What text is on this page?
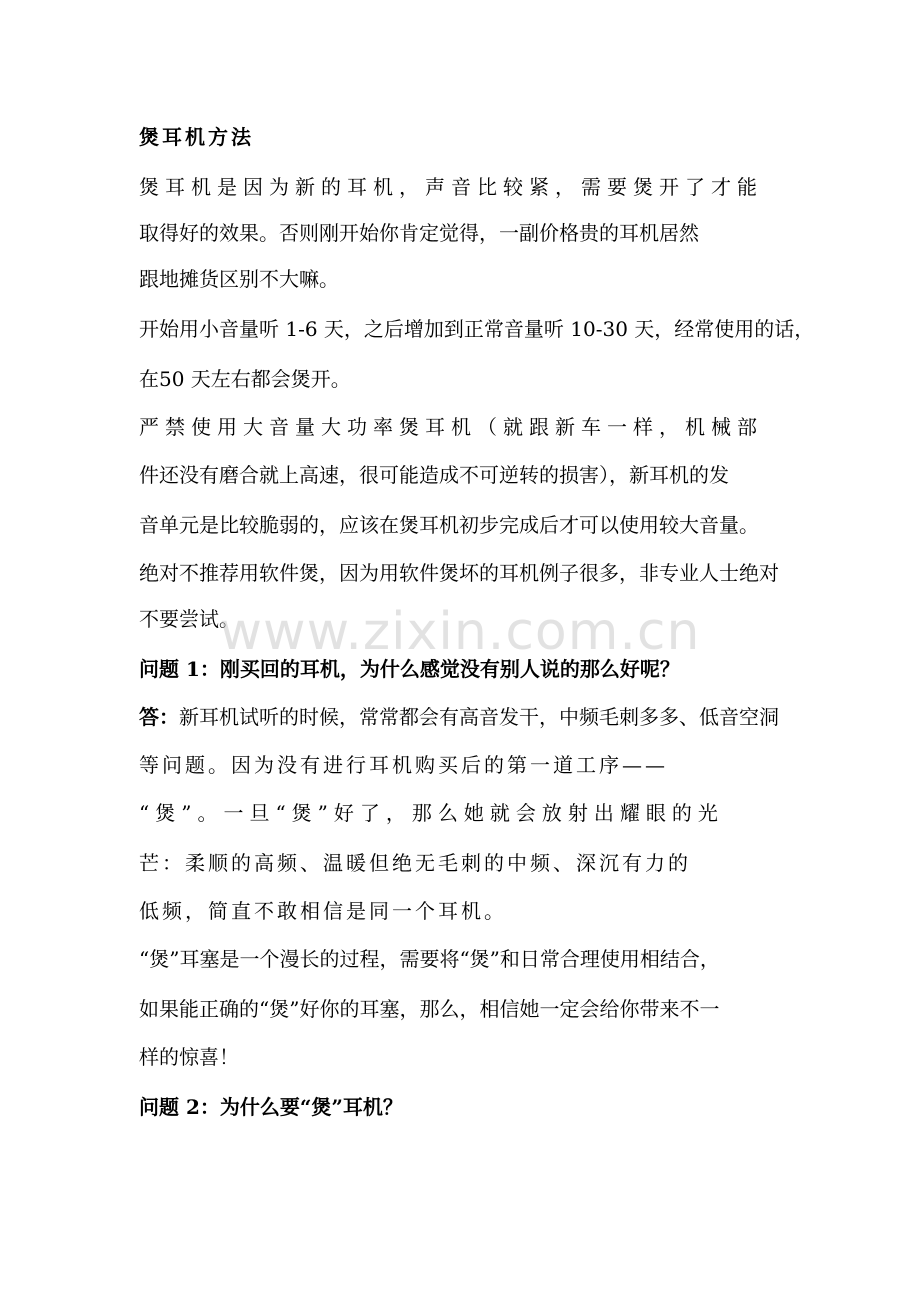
煲耳机方法
煲耳机是因为新的耳机，声音比较紧，需要煲开了才能
取得好的效果。否则刚开始你肯定觉得，一副价格贵的耳机居然
跟地摊货区别不大嘛。
开始用小音量听 1-6 天，之后增加到正常音量听 10-30 天，经常使用的话，
在50 天左右都会煲开。
严禁使用大音量大功率煲耳机（就跟新车一样，机械部
件还没有磨合就上高速，很可能造成不可逆转的损害），新耳机的发
音单元是比较脆弱的，应该在煲耳机初步完成后才可以使用较大音量。
绝对不推荐用软件煲，因为用软件煲坏的耳机例子很多，非专业人士绝对
不要尝试。
问题 1：刚买回的耳机，为什么感觉没有别人说的那么好呢？
答：新耳机试听的时候，常常都会有高音发干，中频毛刺多多、低音空洞
等问题。因为没有进行耳机购买后的第一道工序——
“煲”。一旦“煲”好了，那么她就会放射出耀眼的光
芒：柔顺的高频、温暖但绝无毛刺的中频、深沉有力的
低频，简直不敢相信是同一个耳机。
“煲”耳塞是一个漫长的过程，需要将“煲”和日常合理使用相结合，
如果能正确的“煲”好你的耳塞，那么，相信她一定会给你带来不一
样的惊喜！
问题 2：为什么要“煲”耳机？
www.zixin.com.cn
